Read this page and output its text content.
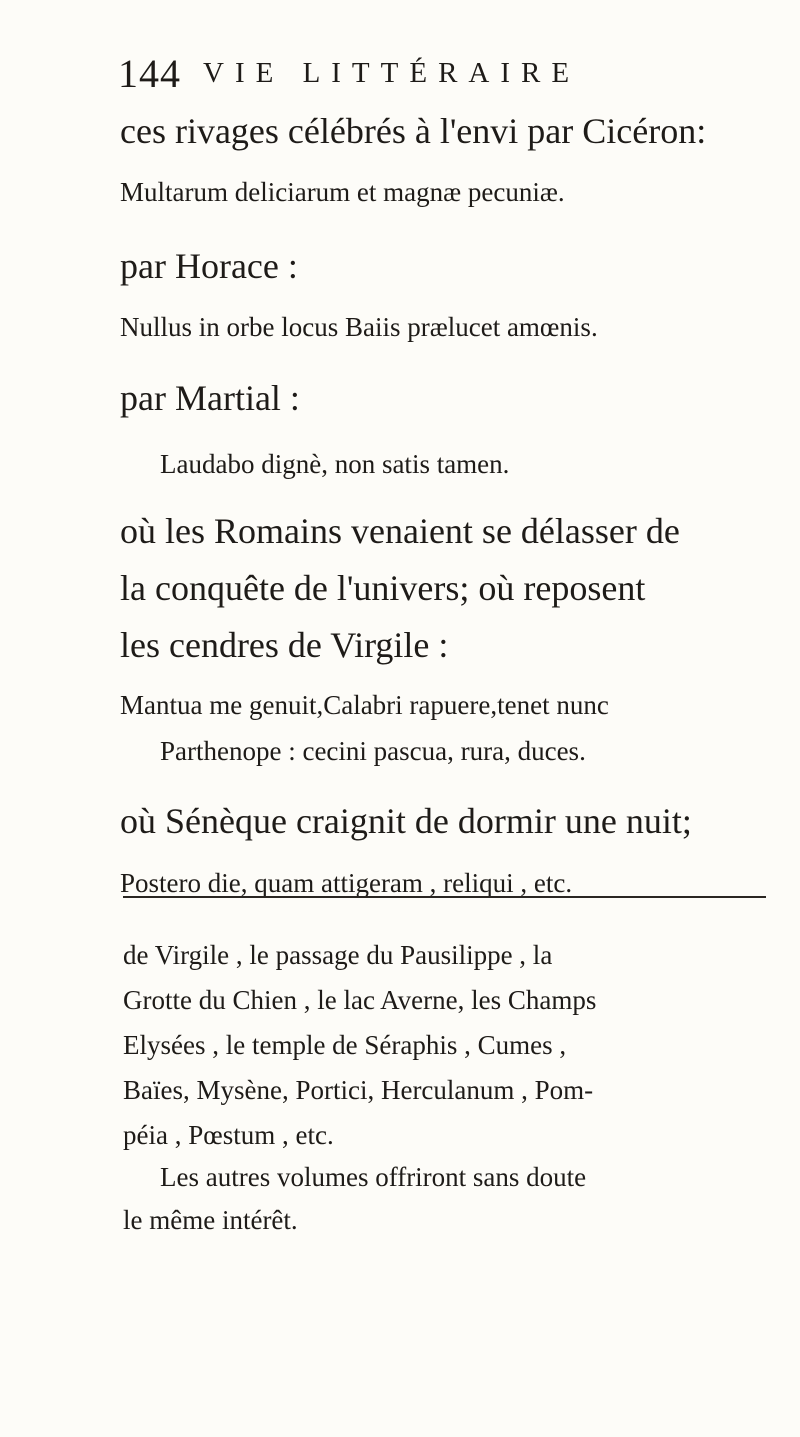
144 VIE LITTÉRAIRE
ces rivages célébrés à l'envi par Cicéron:
Multarum deliciarum et magnæ pecuniæ.
par Horace :
Nullus in orbe locus Baiis prælucet amœnis.
par Martial :
Laudabo dignè, non satis tamen.
où les Romains venaient se délasser de
la conquête de l'univers; où reposent
les cendres de Virgile :
Mantua me genuit,Calabri rapuere,tenet nunc
Parthenope : cecini pascua, rura, duces.
où Sénèque craignit de dormir une nuit;
Postero die, quam attigeram , reliqui , etc.
de Virgile , le passage du Pausilippe , la
Grotte du Chien , le lac Averne, les Champs
Elysées , le temple de Séraphis , Cumes ,
Baïes, Mysène, Portici, Herculanum , Pom-
péia , Pœstum , etc.
Les autres volumes offriront sans doute
le même intérêt.
